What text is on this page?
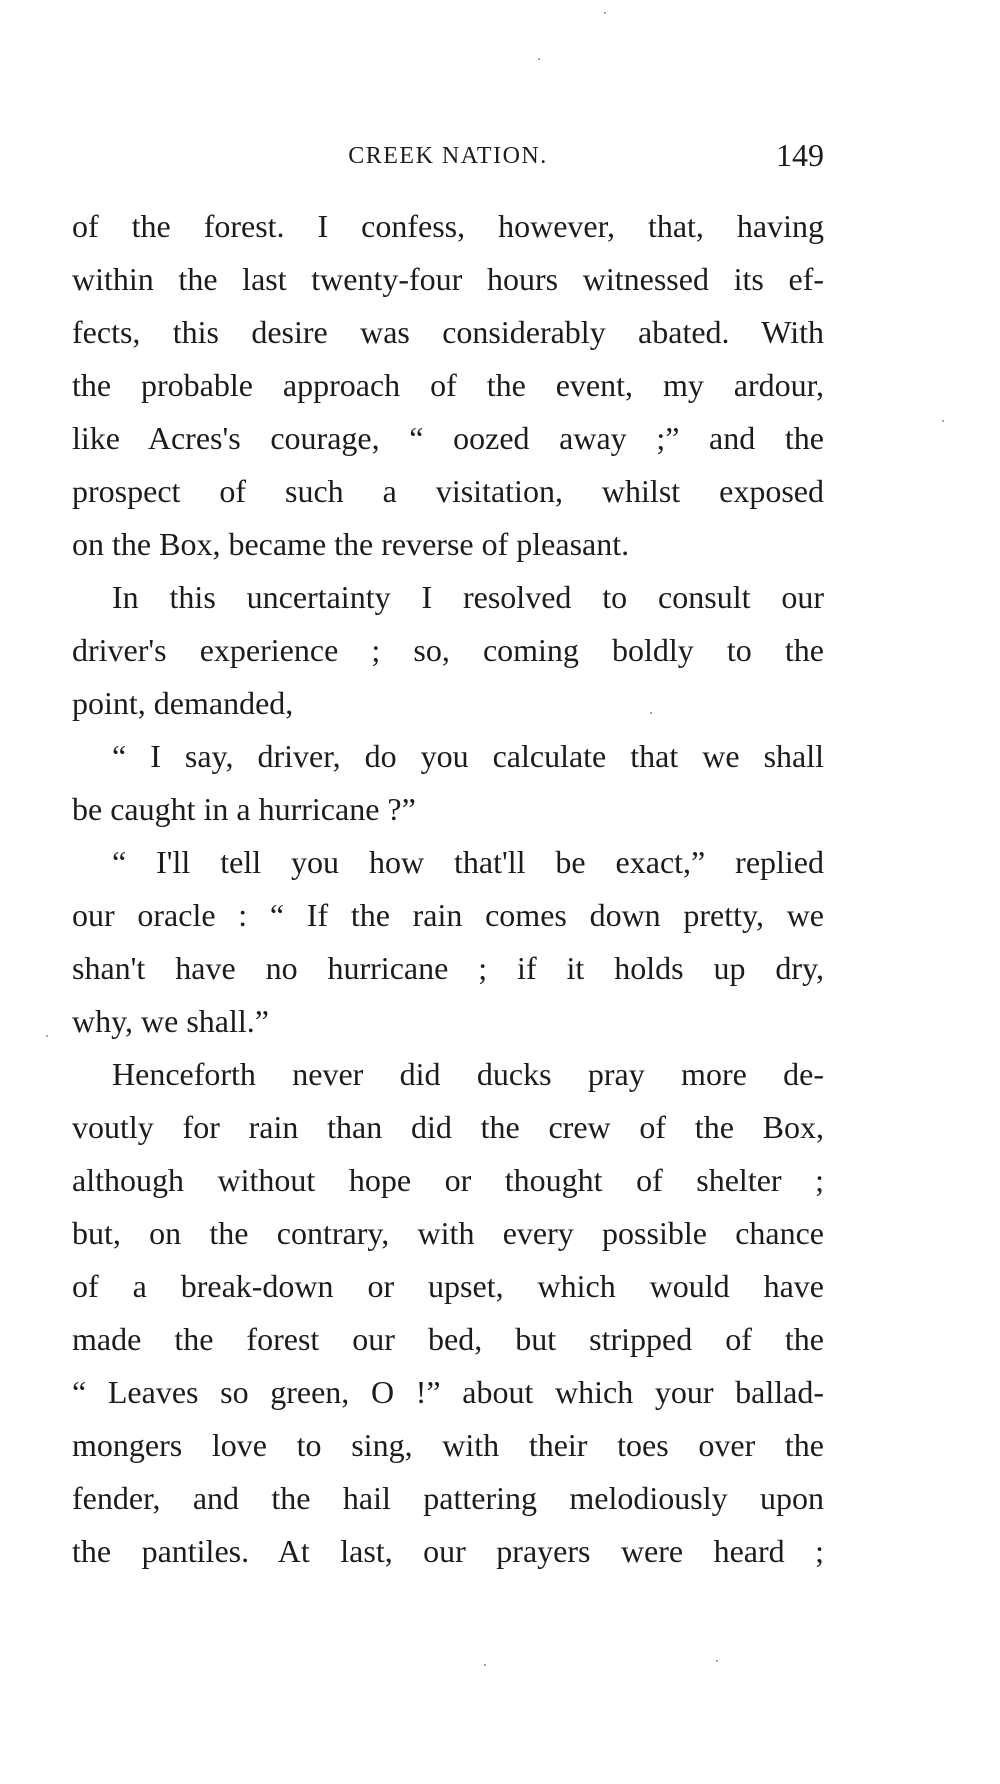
CREEK NATION.	149
of the forest. I confess, however, that, having
within the last twenty-four hours witnessed its ef-
fects, this desire was considerably abated. With
the probable approach of the event, my ardour,
like Acres's courage, “ oozed away ;” and the
prospect of such a visitation, whilst exposed
on the Box, became the reverse of pleasant.
In this uncertainty I resolved to consult our
driver's experience ; so, coming boldly to the
point, demanded,
“ I say, driver, do you calculate that we shall
be caught in a hurricane ?”
“ I'll tell you how that'll be exact,” replied
our oracle : “ If the rain comes down pretty, we
shan't have no hurricane ; if it holds up dry,
why, we shall.”
Henceforth never did ducks pray more de-
voutly for rain than did the crew of the Box,
although without hope or thought of shelter ;
but, on the contrary, with every possible chance
of a break-down or upset, which would have
made the forest our bed, but stripped of the
“ Leaves so green, O !” about which your ballad-
mongers love to sing, with their toes over the
fender, and the hail pattering melodiously upon
the pantiles. At last, our prayers were heard ;
